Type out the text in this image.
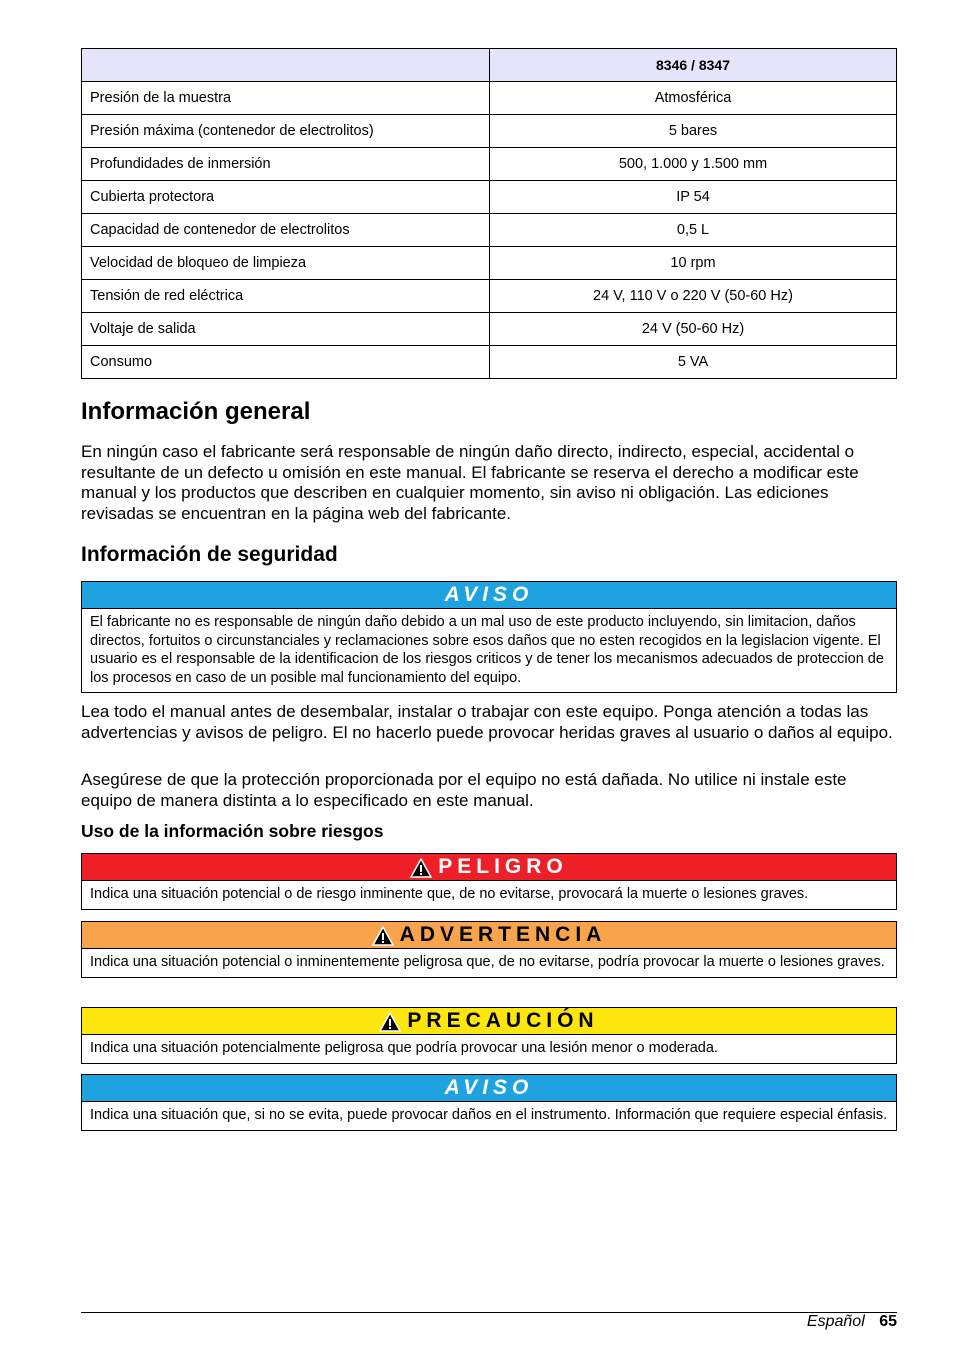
	8346 / 8347
Presión de la muestra	Atmosférica
Presión máxima (contenedor de electrolitos)	5 bares
Profundidades de inmersión	500, 1.000 y 1.500 mm
Cubierta protectora	IP 54
Capacidad de contenedor de electrolitos	0,5 L
Velocidad de bloqueo de limpieza	10 rpm
Tensión de red eléctrica	24 V, 110 V o 220 V (50-60 Hz)
Voltaje de salida	24 V (50-60 Hz)
Consumo	5 VA
Información general

En ningún caso el fabricante será responsable de ningún daño directo, indirecto, especial, accidental o resultante de un defecto u omisión en este manual. El fabricante se reserva el derecho a modificar este manual y los productos que describen en cualquier momento, sin aviso ni obligación. Las ediciones revisadas se encuentran en la página web del fabricante.

Información de seguridad
AVISO
El fabricante no es responsable de ningún daño debido a un mal uso de este producto incluyendo, sin limitacion, daños directos, fortuitos o circunstanciales y reclamaciones sobre esos daños que no esten recogidos en la legislacion vigente. El usuario es el responsable de la identificacion de los riesgos criticos y de tener los mecanismos adecuados de proteccion de los procesos en caso de un posible mal funcionamiento del equipo.

Lea todo el manual antes de desembalar, instalar o trabajar con este equipo. Ponga atención a todas las advertencias y avisos de peligro. El no hacerlo puede provocar heridas graves al usuario o daños al equipo.

Asegúrese de que la protección proporcionada por el equipo no está dañada. No utilice ni instale este equipo de manera distinta a lo especificado en este manual.

Uso de la información sobre riesgos
PELIGRO
Indica una situación potencial o de riesgo inminente que, de no evitarse, provocará la muerte o lesiones graves.
ADVERTENCIA
Indica una situación potencial o inminentemente peligrosa que, de no evitarse, podría provocar la muerte o lesiones graves.
PRECAUCIÓN
Indica una situación potencialmente peligrosa que podría provocar una lesión menor o moderada.
AVISO
Indica una situación que, si no se evita, puede provocar daños en el instrumento. Información que requiere especial énfasis.
Español 65
